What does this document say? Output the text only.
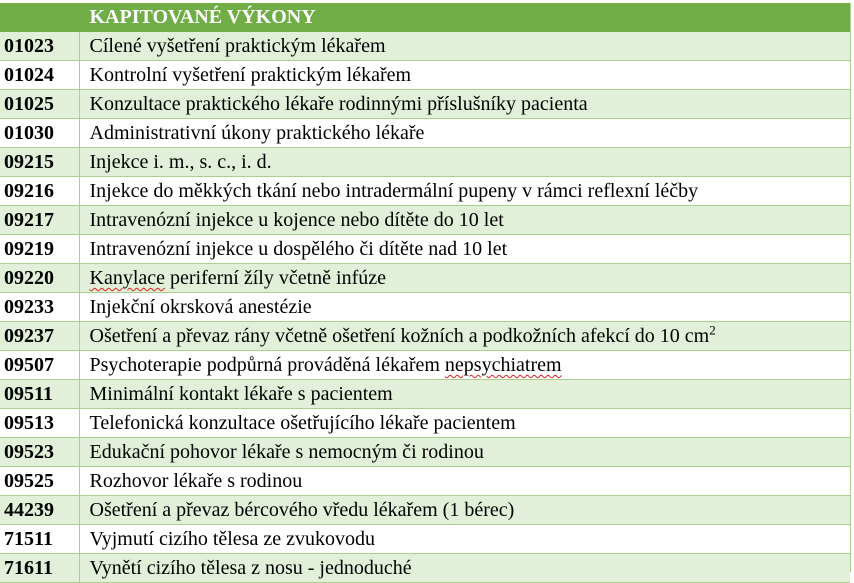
	KAPITOVANÉ VÝKONY
01023	Cílené vyšetření praktickým lékařem
01024	Kontrolní vyšetření praktickým lékařem
01025	Konzultace praktického lékaře rodinnými příslušníky pacienta
01030	Administrativní úkony praktického lékaře
09215	Injekce i. m., s. c., i. d.
09216	Injekce do měkkých tkání nebo intradermální pupeny v rámci reflexní léčby
09217	Intravenózní injekce u kojence nebo dítěte do 10 let
09219	Intravenózní injekce u dospělého či dítěte nad 10 let
09220	Kanylace periferní žíly včetně infúze
09233	Injekční okrsková anestézie
09237	Ošetření a převaz rány včetně ošetření kožních a podkožních afekcí do 10 $cm^2$
09507	Psychoterapie podpůrná prováděná lékařem nepsychiatrem
09511	Minimální kontakt lékaře s pacientem
09513	Telefonická konzultace ošetřujícího lékaře pacientem
09523	Edukační pohovor lékaře s nemocným či rodinou
09525	Rozhovor lékaře s rodinou
44239	Ošetření a převaz bércového vředu lékařem (1 bérec)
71511	Vyjmutí cizího tělesa ze zvukovodu
71611	Vynětí cizího tělesa z nosu - jednoduché
